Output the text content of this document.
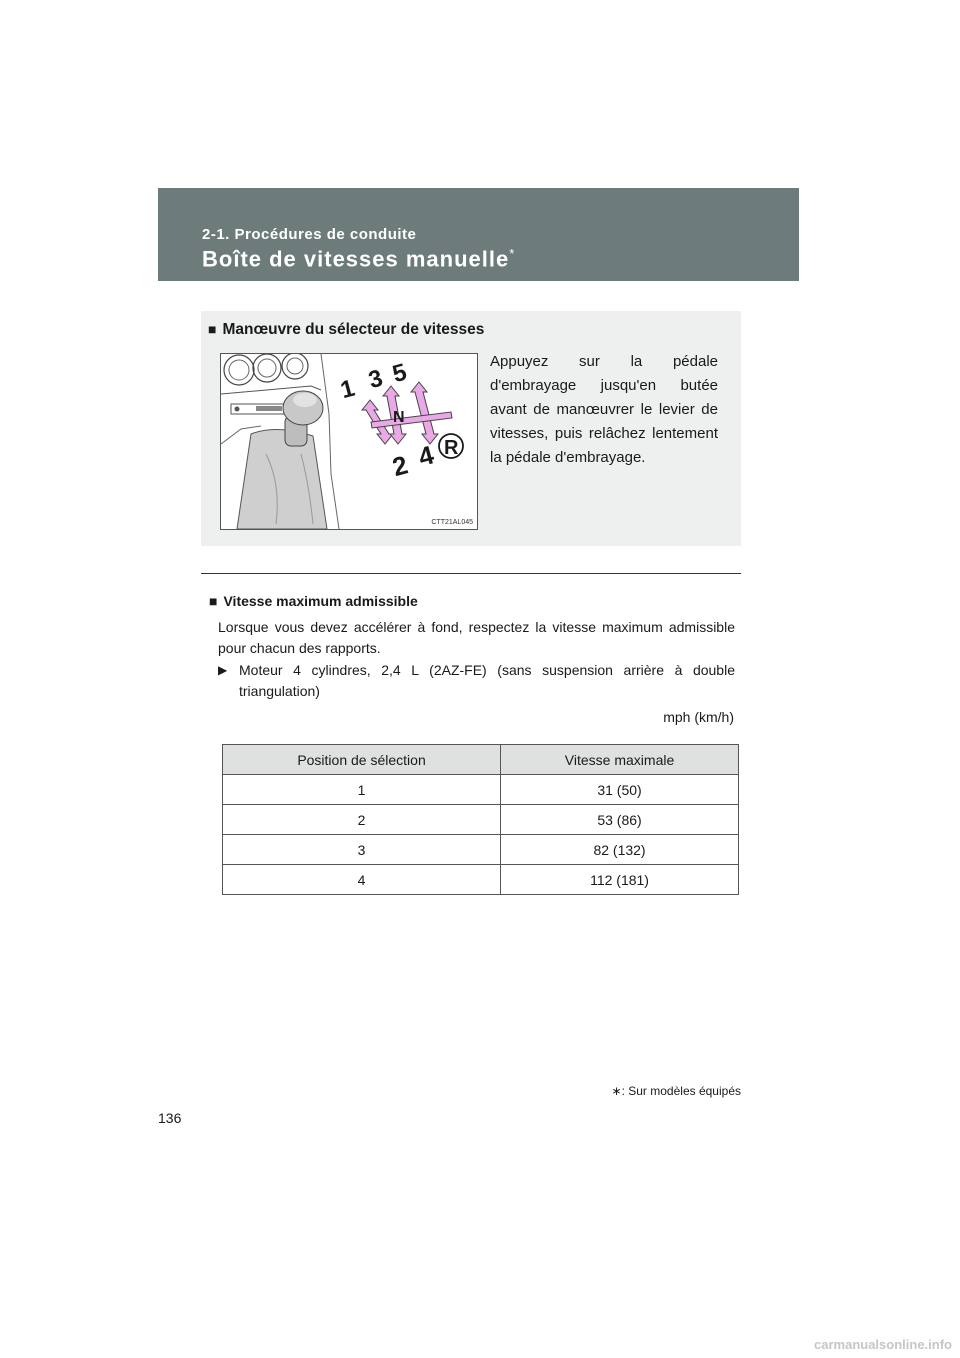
2-1. Procédures de conduite
Boîte de vitesses manuelle*
■ Manœuvre du sélecteur de vitesses
1 3 5
N
2 4 R
CTT21AL045
Appuyez sur la pédale d'embrayage jusqu'en butée avant de manœuvrer le levier de vitesses, puis relâchez lentement la pédale d'embrayage.
■ Vitesse maximum admissible
Lorsque vous devez accélérer à fond, respectez la vitesse maximum admissible pour chacun des rapports.
▶ Moteur 4 cylindres, 2,4 L (2AZ-FE) (sans suspension arrière à double triangulation)
mph (km/h)
Position de sélection	Vitesse maximale
1	31 (50)
2	53 (86)
3	82 (132)
4	112 (181)
∗: Sur modèles équipés
136
carmanualsonline.info
